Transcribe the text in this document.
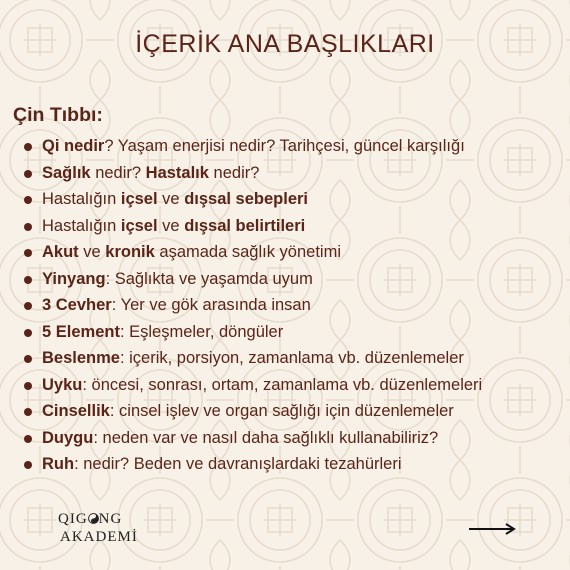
İÇERİK ANA BAŞLIKLARI
Çin Tıbbı:
Qi nedir? Yaşam enerjisi nedir? Tarihçesi, güncel karşılığı
Sağlık nedir? Hastalık nedir?
Hastalığın içsel ve dışsal sebepleri
Hastalığın içsel ve dışsal belirtileri
Akut ve kronik aşamada sağlık yönetimi
Yinyang: Sağlıkta ve yaşamda uyum
3 Cevher: Yer ve gök arasında insan
5 Element: Eşleşmeler, döngüler
Beslenme: içerik, porsiyon, zamanlama vb. düzenlemeler
Uyku: öncesi, sonrası, ortam, zamanlama vb. düzenlemeleri
Cinsellik: cinsel işlev ve organ sağlığı için düzenlemeler
Duygu: neden var ve nasıl daha sağlıklı kullanabiliriz?
Ruh: nedir? Beden ve davranışlardaki tezahürleri
QIG NG
AKADEMİ
